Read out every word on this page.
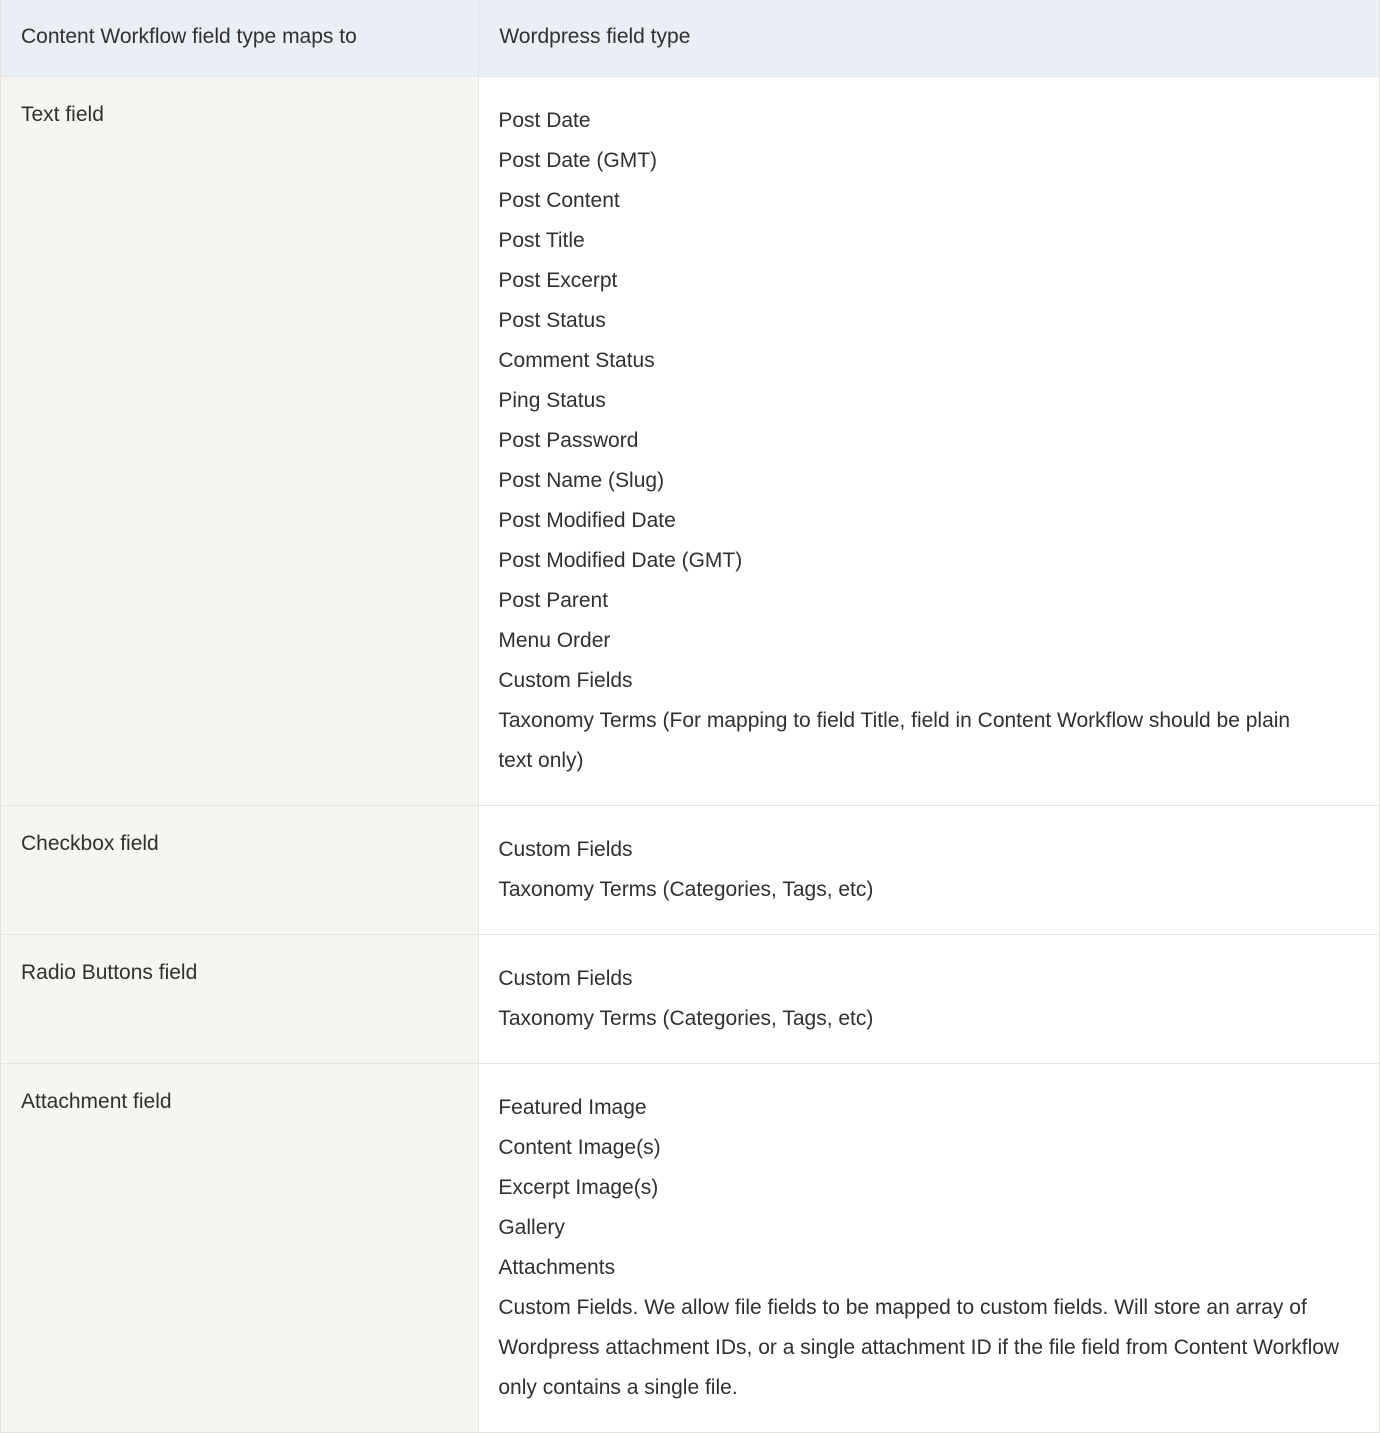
Content Workflow field type maps to	Wordpress field type

Text field	Post Date
Post Date (GMT)
Post Content
Post Title
Post Excerpt
Post Status
Comment Status
Ping Status
Post Password
Post Name (Slug)
Post Modified Date
Post Modified Date (GMT)
Post Parent
Menu Order
Custom Fields
Taxonomy Terms (For mapping to field Title, field in Content Workflow should be plain text only)

Checkbox field	Custom Fields
Taxonomy Terms (Categories, Tags, etc)

Radio Buttons field	Custom Fields
Taxonomy Terms (Categories, Tags, etc)

Attachment field	Featured Image
Content Image(s)
Excerpt Image(s)
Gallery
Attachments
Custom Fields. We allow file fields to be mapped to custom fields. Will store an array of Wordpress attachment IDs, or a single attachment ID if the file field from Content Workflow only contains a single file.
